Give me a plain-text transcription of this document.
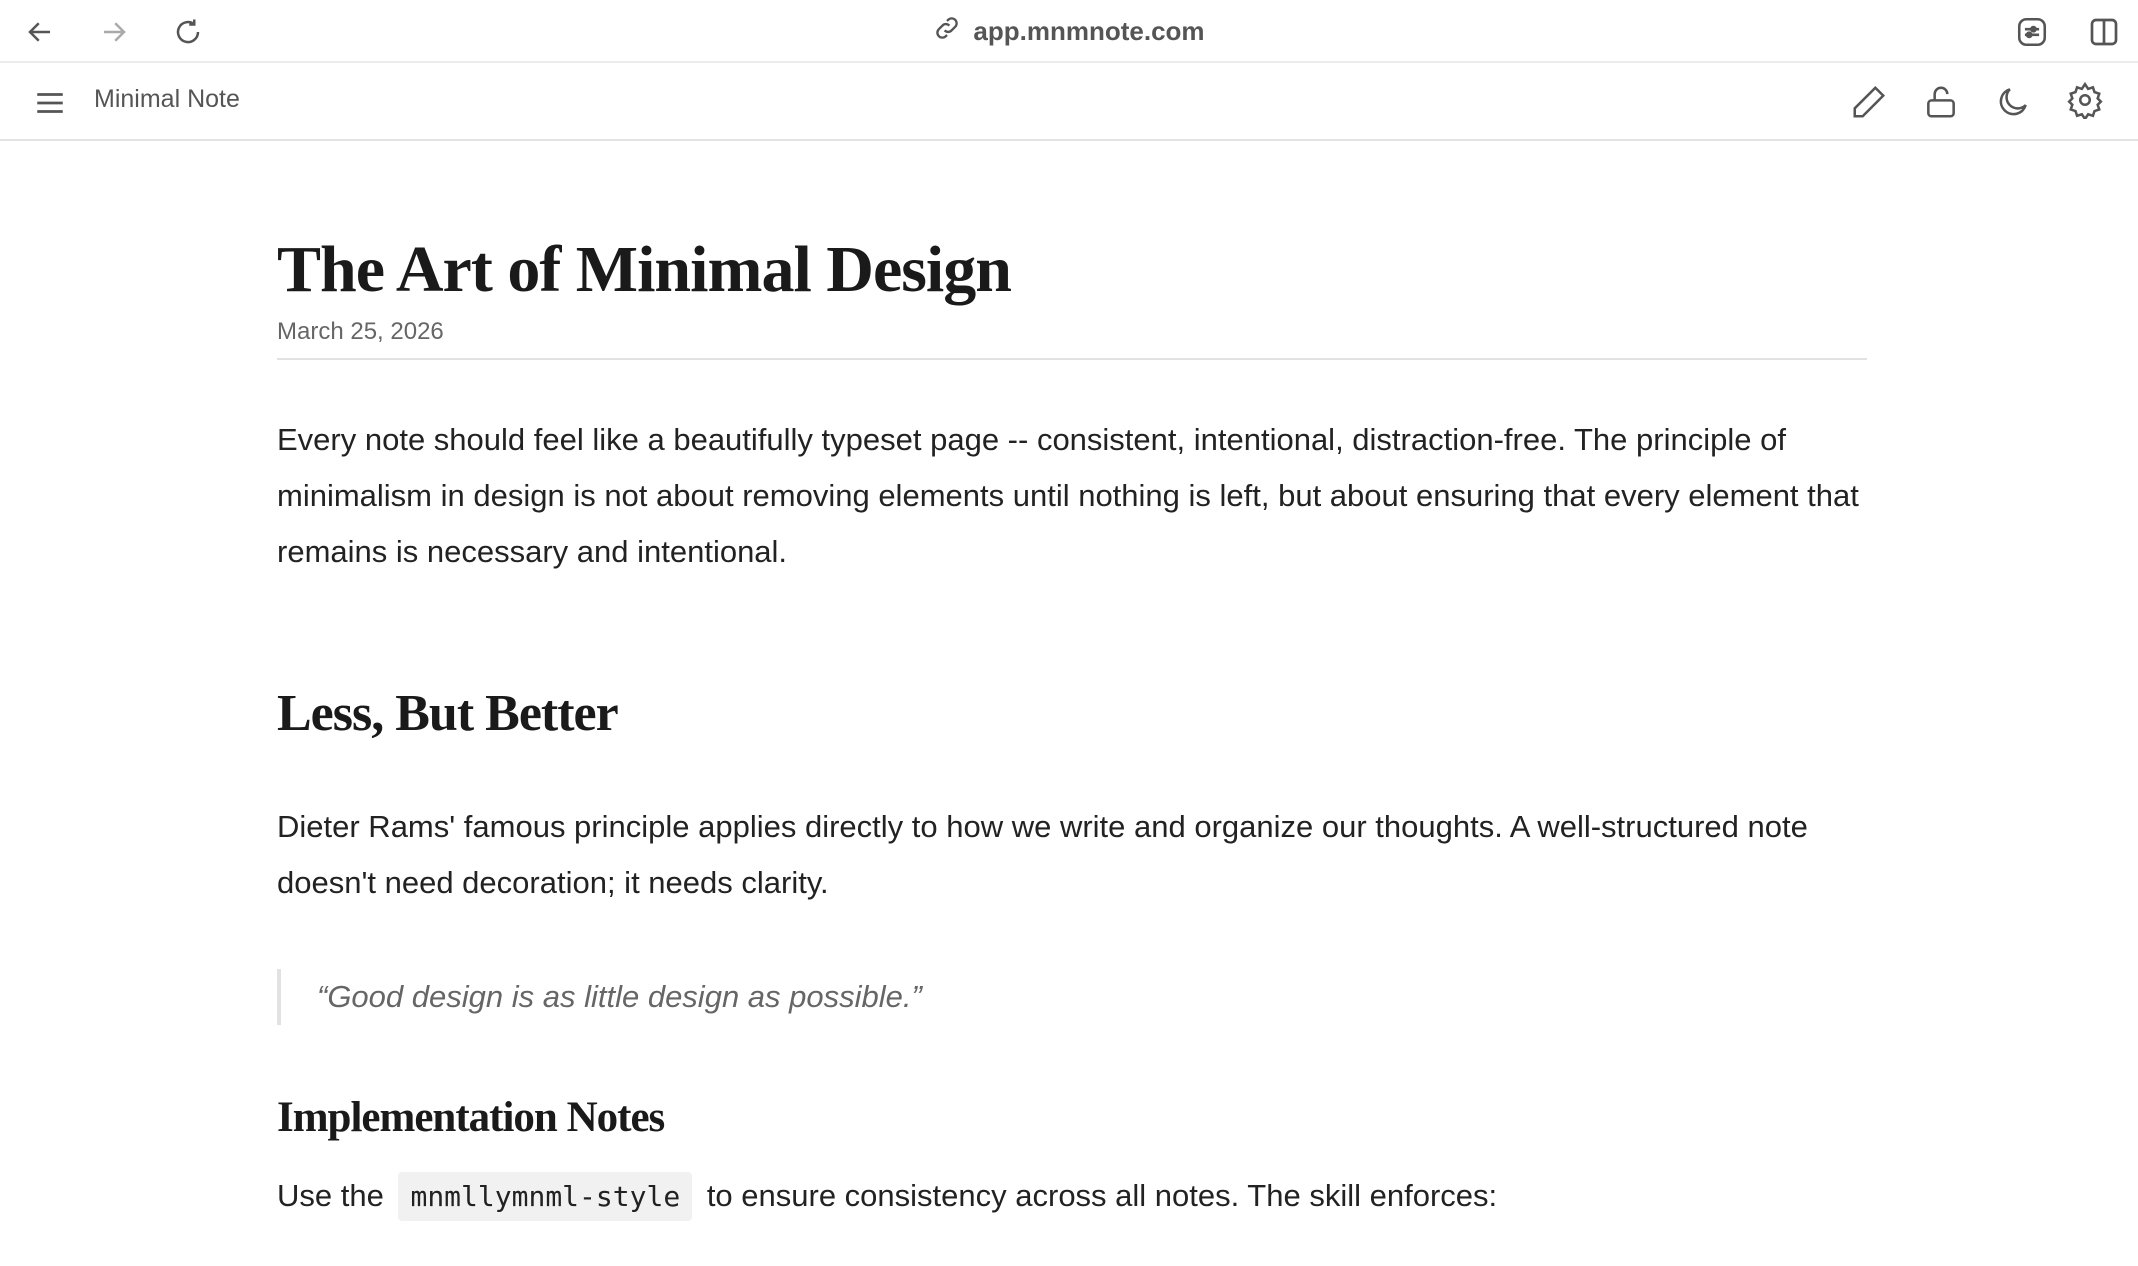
app.mnmnote.com
Minimal Note
The Art of Minimal Design
March 25, 2026

Every note should feel like a beautifully typeset page -- consistent, intentional, distraction-free. The principle of minimalism in design is not about removing elements until nothing is left, but about ensuring that every element that remains is necessary and intentional.

Less, But Better

Dieter Rams' famous principle applies directly to how we write and organize our thoughts. A well-structured note doesn't need decoration; it needs clarity.

“Good design is as little design as possible.”
Implementation Notes

Use the mnmllymnml-style to ensure consistency across all notes. The skill enforces:
